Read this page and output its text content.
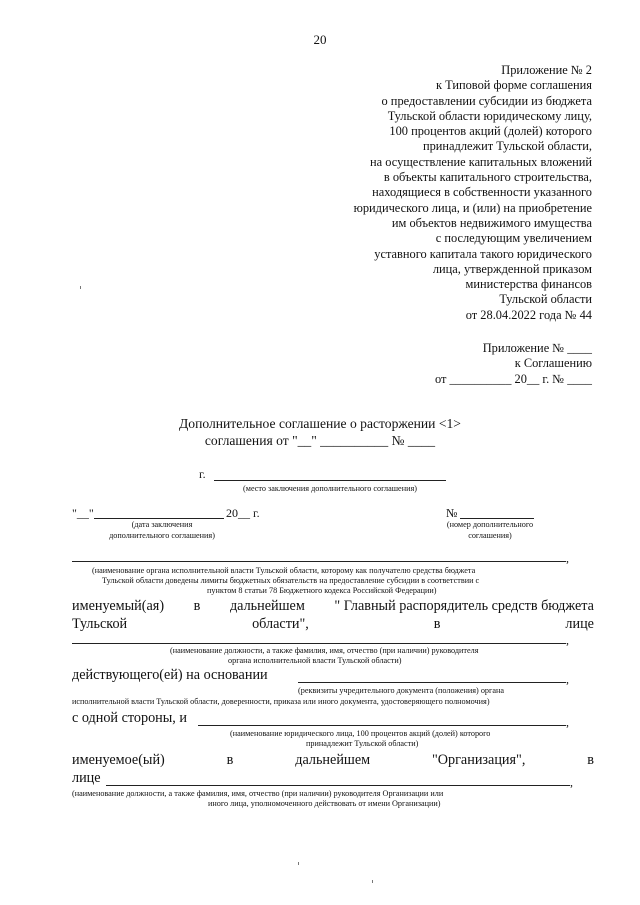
20
Приложение № 2
к Типовой форме соглашения
о предоставлении субсидии из бюджета
Тульской области юридическому лицу,
100 процентов акций (долей) которого
принадлежит Тульской области,
на осуществление капитальных вложений
в объекты капитального строительства,
находящиеся в собственности указанного
юридического лица, и (или) на приобретение
им объектов недвижимого имущества
с последующим увеличением
уставного капитала такого юридического
лица, утвержденной приказом
министерства финансов
Тульской области
от 28.04.2022 года № 44
Приложение № ____
к Соглашению
от __________ 20__ г. № ____
Дополнительное соглашение о расторжении <1>
соглашения от "__" __________ № ____
г.
(место заключения дополнительного соглашения)
"__"	20__ г.
(дата заключения
дополнительного соглашения)
№
(номер дополнительного
соглашения)
,
(наименование органа исполнительной власти Тульской области, которому как получателю средства бюджета
Тульской области доведены лимиты бюджетных обязательств на предоставление субсидии в соответствии с
пунктом 8 статьи 78 Бюджетного кодекса Российской Федерации)
именуемый(ая) в дальнейшем " Главный распорядитель средств бюджета
Тульской	области",	в	лице
,
(наименование должности, а также фамилия, имя, отчество (при наличии) руководителя
органа исполнительной власти Тульской области)
действующего(ей) на основании	,
(реквизиты учредительного документа (положения) органа
исполнительной власти Тульской области, доверенности, приказа или иного документа, удостоверяющего полномочия)
с одной стороны, и	,
(наименование юридического лица, 100 процентов акций (долей) которого
принадлежит Тульской области)
именуемое(ый)	в	дальнейшем	"Организация",	в
лице	,
(наименование должности, а также фамилия, имя, отчество (при наличии) руководителя Организации или
иного лица, уполномоченного действовать от имени Организации)
